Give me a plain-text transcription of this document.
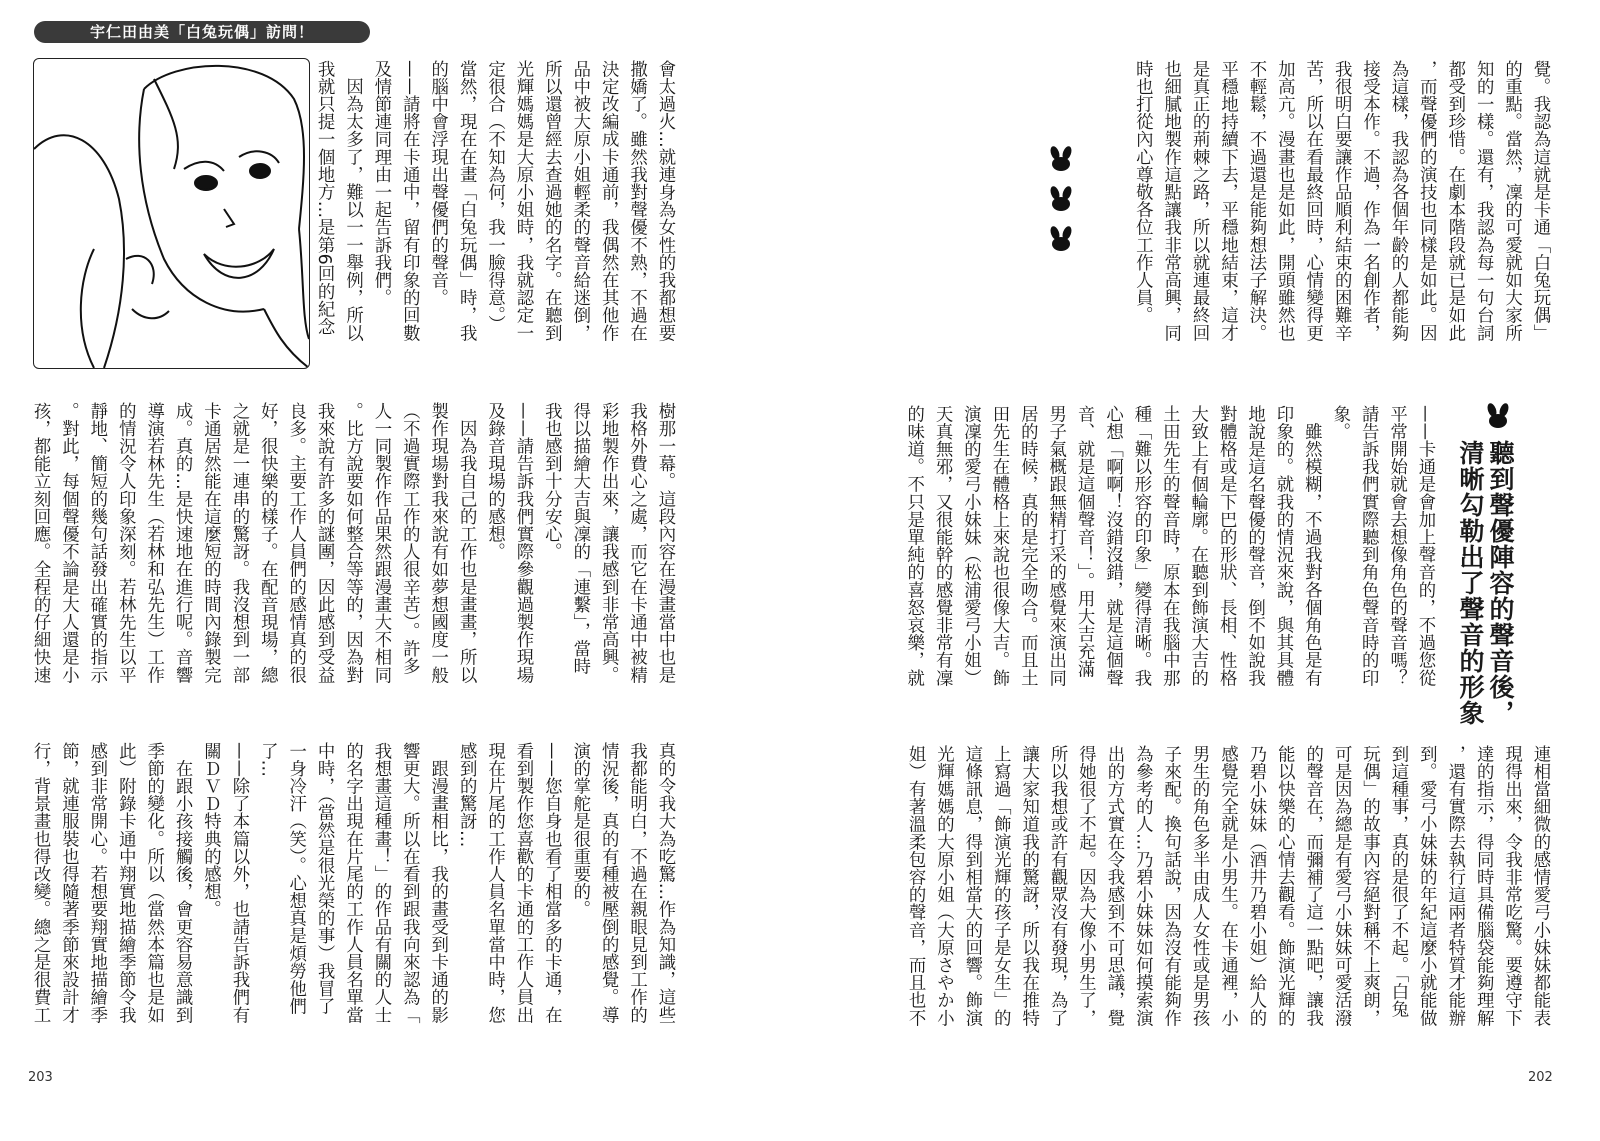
宇仁田由美「白兔玩偶」訪問！
會太過火…就連身為女性的我都想要
撒嬌了。雖然我對聲優不熟，不過在
決定改編成卡通前，我偶然在其他作
品中被大原小姐輕柔的聲音給迷倒，
所以還曾經去查過她的名字。在聽到
光輝媽媽是大原小姐時，我就認定一
定很合（不知為何，我一臉得意。）
當然，現在在畫「白兔玩偶」時，我
的腦中會浮現出聲優們的聲音。
——請將在卡通中，留有印象的回數
及情節連同理由一起告訴我們。
　因為太多了，難以一一舉例，所以
我就只提一個地方…是第6回的紀念
樹那一幕。這段內容在漫畫當中也是
我格外費心之處，而它在卡通中被精
彩地製作出來，讓我感到非常高興。
得以描繪大吉與凜的「連繫」，當時
我也感到十分安心。
——請告訴我們實際參觀過製作現場
及錄音現場的感想。
　因為我自己的工作也是畫畫，所以
製作現場對我來說有如夢想國度一般
（不過實際工作的人很辛苦）。許多
人一同製作作品果然跟漫畫大不相同
。比方說要如何整合等等的，因為對
我來說有許多的謎團，因此感到受益
良多。主要工作人員們的感情真的很
好，很快樂的樣子。在配音現場，總
之就是一連串的驚訝。我沒想到一部
卡通居然能在這麼短的時間內錄製完
成。真的…是快速地在進行呢。音響
導演若林先生（若林和弘先生）工作
的情況令人印象深刻。若林先生以平
靜地、簡短的幾句話發出確實的指示
。對此，每個聲優不論是大人還是小
孩，都能立刻回應。全程的仔細快速
真的令我大為吃驚…作為知識，這些
我都能明白，不過在親眼見到工作的
情況後，真的有種被壓倒的感覺。導
演的掌舵是很重要的。
——您自身也看了相當多的卡通，在
看到製作您喜歡的卡通的工作人員出
現在片尾的工作人員名單當中時，您
感到的驚訝…
　跟漫畫相比，我的畫受到卡通的影
響更大。所以在看到跟我向來認為「
我想畫這種畫！」的作品有關的人士
的名字出現在片尾的工作人員名單當
中時，（當然是很光榮的事）我冒了
一身冷汗（笑）。心想真是煩勞他們
了…
——除了本篇以外，也請告訴我們有
關ＤＶＤ特典的感想。
　在跟小孩接觸後，會更容易意識到
季節的變化。所以（當然本篇也是如
此）附錄卡通中翔實地描繪季節令我
感到非常開心。若想要翔實地描繪季
節，就連服裝也得隨著季節來設計才
行，背景畫也得改變。總之是很費工
覺。我認為這就是卡通「白兔玩偶」
的重點。當然，凜的可愛就如大家所
知的一樣。還有，我認為每一句台詞
都受到珍惜。在劇本階段就已是如此
，而聲優們的演技也同樣是如此。因
為這樣，我認為各個年齡的人都能夠
接受本作。不過，作為一名創作者，
我很明白要讓作品順利結束的困難辛
苦，所以在看最終回時，心情變得更
加高亢。漫畫也是如此，開頭雖然也
不輕鬆，不過還是能夠想法子解決。
平穩地持續下去，平穩地結束，這才
是真正的荊棘之路，所以就連最終回
也細膩地製作這點讓我非常高興，同
時也打從內心尊敬各位工作人員。
——卡通是會加上聲音的，不過您從
平常開始就會去想像角色的聲音嗎？
請告訴我們實際聽到角色聲音時的印
象。
　雖然模糊，不過我對各個角色是有
印象的。就我的情況來說，與其具體
地說是這名聲優的聲音，倒不如說我
對體格或是下巴的形狀、長相、性格
大致上有個輪廓。在聽到飾演大吉的
土田先生的聲音時，原本在我腦中那
種「難以形容的印象」變得清晰。我
心想「啊啊！沒錯沒錯，就是這個聲
音、就是這個聲音！」。用大吉充滿
男子氣概跟無精打采的感覺來演出同
居的時候，真的是完全吻合。而且土
田先生在體格上來說也很像大吉。飾
演凜的愛弓小妹妹（松浦愛弓小姐）
天真無邪，又很能幹的感覺非常有凜
的味道。不只是單純的喜怒哀樂，就
連相當細微的感情愛弓小妹妹都能表
現得出來，令我非常吃驚。要遵守下
達的指示，得同時具備腦袋能夠理解
，還有實際去執行這兩者特質才能辦
到。愛弓小妹妹的年紀這麼小就能做
到這種事，真的是很了不起。「白兔
玩偶」的故事內容絕對稱不上爽朗，
可是因為總是有愛弓小妹妹可愛活潑
的聲音在，而彌補了這一點吧，讓我
能以快樂的心情去觀看。飾演光輝的
乃碧小妹妹（酒井乃碧小姐）給人的
感覺完全就是小男生。在卡通裡，小
男生的角色多半由成人女性或是男孩
子來配。換句話說，因為沒有能夠作
為參考的人…乃碧小妹妹如何摸索演
出的方式實在令我感到不可思議，覺
得她很了不起。因為大像小男生了，
所以我想或許有觀眾沒有發現，為了
讓大家知道我的驚訝，所以我在推特
上寫過「飾演光輝的孩子是女生」的
這條訊息，得到相當大的回響。飾演
光輝媽媽的大原小姐（大原さやか小
姐）有著溫柔包容的聲音，而且也不
聽到聲優陣容的聲音後，
清晰勾勒出了聲音的形象
203	202
